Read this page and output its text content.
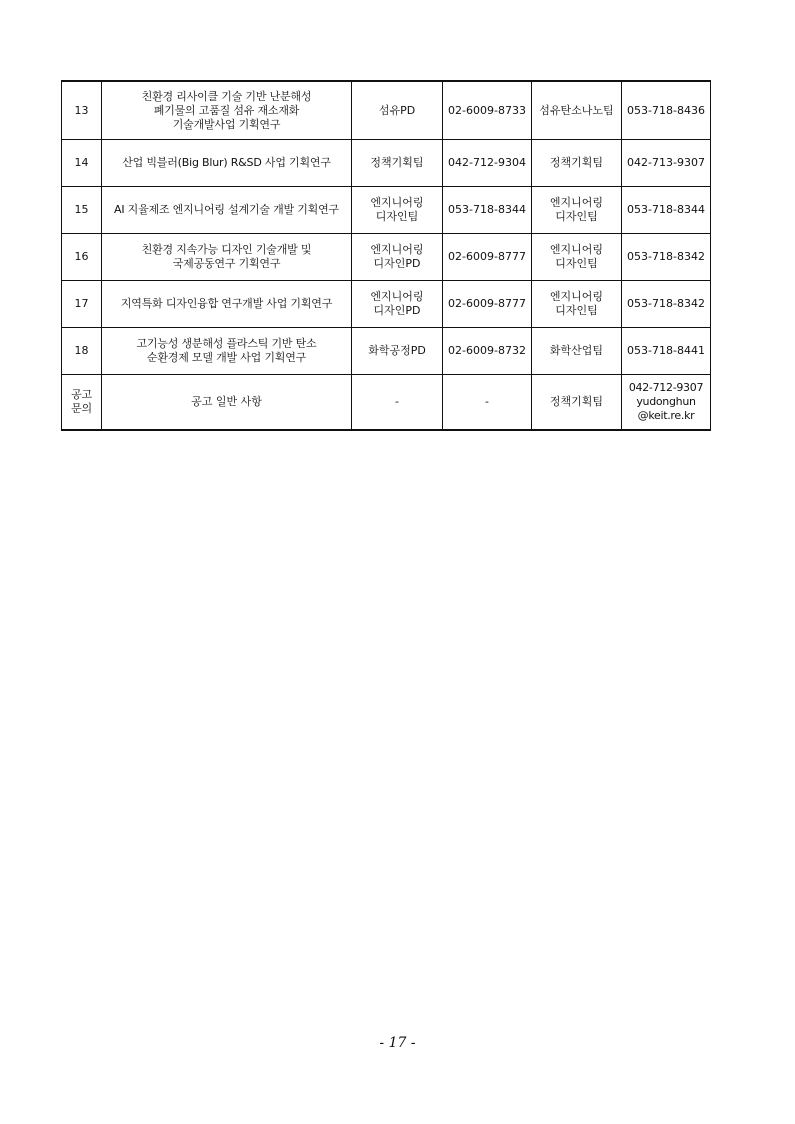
13	친환경 리사이클 기술 기반 난분해성
폐기물의 고품질 섬유 재소재화
기술개발사업 기획연구	섬유PD	02-6009-8733	섬유탄소나노팀	053-718-8436
14	산업 빅블러(Big Blur) R&SD 사업 기획연구	정책기획팀	042-712-9304	정책기획팀	042-713-9307
15	AI 지율제조 엔지니어링 설계기술 개발 기획연구	엔지니어링
디자인팀	053-718-8344	엔지니어링
디자인팀	053-718-8344
16	친환경 지속가능 디자인 기술개발 및
국제공동연구 기획연구	엔지니어링
디자인PD	02-6009-8777	엔지니어링
디자인팀	053-718-8342
17	지역특화 디자인융합 연구개발 사업 기획연구	엔지니어링
디자인PD	02-6009-8777	엔지니어링
디자인팀	053-718-8342
18	고기능성 생분해성 플라스틱 기반 탄소
순환경제 모델 개발 사업 기획연구	화학공정PD	02-6009-8732	화학산업팀	053-718-8441

공고
문의	공고 일반 사항	-	-	정책기획팀	042-712-9307
yudonghun
@keit.re.kr
- 17 -
